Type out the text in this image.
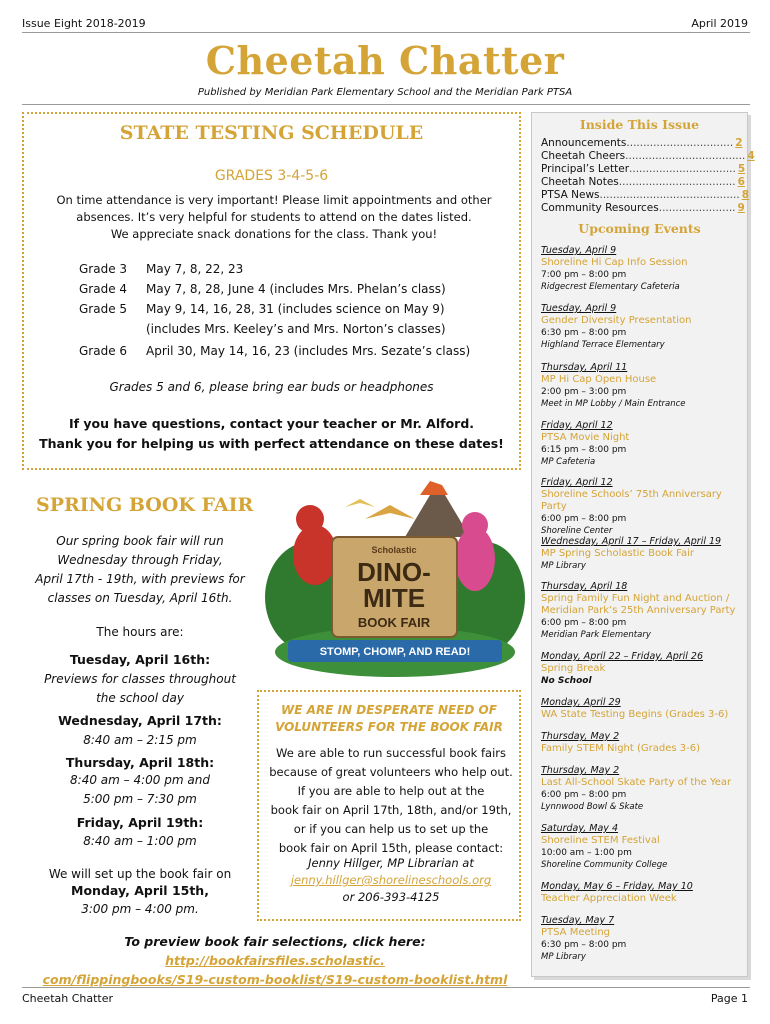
Issue Eight 2018-2019	April 2019
Cheetah Chatter
Published by Meridian Park Elementary School and the Meridian Park PTSA
STATE TESTING SCHEDULE
GRADES 3-4-5-6
On time attendance is very important! Please limit appointments and other
absences. It’s very helpful for students to attend on the dates listed.
We appreciate snack donations for the class. Thank you!
Grade 3	May 7, 8, 22, 23
Grade 4	May 7, 8, 28, June 4 (includes Mrs. Phelan’s class)
Grade 5	May 9, 14, 16, 28, 31 (includes science on May 9)
(includes Mrs. Keeley’s and Mrs. Norton’s classes)
Grade 6	April 30, May 14, 16, 23 (includes Mrs. Sezate’s class)
Grades 5 and 6, please bring ear buds or headphones
If you have questions, contact your teacher or Mr. Alford.
Thank you for helping us with perfect attendance on these dates!
Inside This Issue
Announcements ................................ 2
Cheetah Cheers .................................... 4
Principal’s Letter ................................ 5
Cheetah Notes ................................... 6
PTSA News .......................................... 8
Community Resources ....................... 9
Upcoming Events
Tuesday, April 9
Shoreline Hi Cap Info Session
7:00 pm – 8:00 pm
Ridgecrest Elementary Cafeteria
Tuesday, April 9
Gender Diversity Presentation
6:30 pm – 8:00 pm
Highland Terrace Elementary
Thursday, April 11
MP Hi Cap Open House
2:00 pm – 3:00 pm
Meet in MP Lobby / Main Entrance
Friday, April 12
PTSA Movie Night
6:15 pm – 8:00 pm
MP Cafeteria
Friday, April 12
Shoreline Schools’ 75th Anniversary Party
6:00 pm – 8:00 pm
Shoreline Center
Wednesday, April 17 – Friday, April 19
MP Spring Scholastic Book Fair
MP Library
Thursday, April 18
Spring Family Fun Night and Auction / Meridian Park’s 25th Anniversary Party
6:00 pm – 8:00 pm
Meridian Park Elementary
Monday, April 22 – Friday, April 26
Spring Break
No School
Monday, April 29
WA State Testing Begins (Grades 3-6)
Thursday, May 2
Family STEM Night (Grades 3-6)
Thursday, May 2
Last All-School Skate Party of the Year
6:00 pm – 8:00 pm
Lynnwood Bowl & Skate
Saturday, May 4
Shoreline STEM Festival
10:00 am – 1:00 pm
Shoreline Community College
Monday, May 6 – Friday, May 10
Teacher Appreciation Week
Tuesday, May 7
PTSA Meeting
6:30 pm – 8:00 pm
MP Library
SPRING BOOK FAIR
Our spring book fair will run
Wednesday through Friday,
April 17th - 19th, with previews for
classes on Tuesday, April 16th.
The hours are:
Tuesday, April 16th:
Previews for classes throughout
the school day
Wednesday, April 17th:
8:40 am – 2:15 pm
Thursday, April 18th:
8:40 am – 4:00 pm and
5:00 pm – 7:30 pm
Friday, April 19th:
8:40 am – 1:00 pm
We will set up the book fair on
Monday, April 15th,
3:00 pm – 4:00 pm.
Scholastic
DINO-
MITE
BOOK FAIR
STOMP, CHOMP, AND READ!
WE ARE IN DESPERATE NEED OF
VOLUNTEERS FOR THE BOOK FAIR
We are able to run successful book fairs
because of great volunteers who help out.
If you are able to help out at the
book fair on April 17th, 18th, and/or 19th,
or if you can help us to set up the
book fair on April 15th, please contact:
Jenny Hillger, MP Librarian at
jenny.hillger@shorelineschools.org
or 206-393-4125
To preview book fair selections, click here: http://bookfairsfiles.scholastic.
com/flippingbooks/S19-custom-booklist/S19-custom-booklist.html
Cheetah Chatter	Page 1
